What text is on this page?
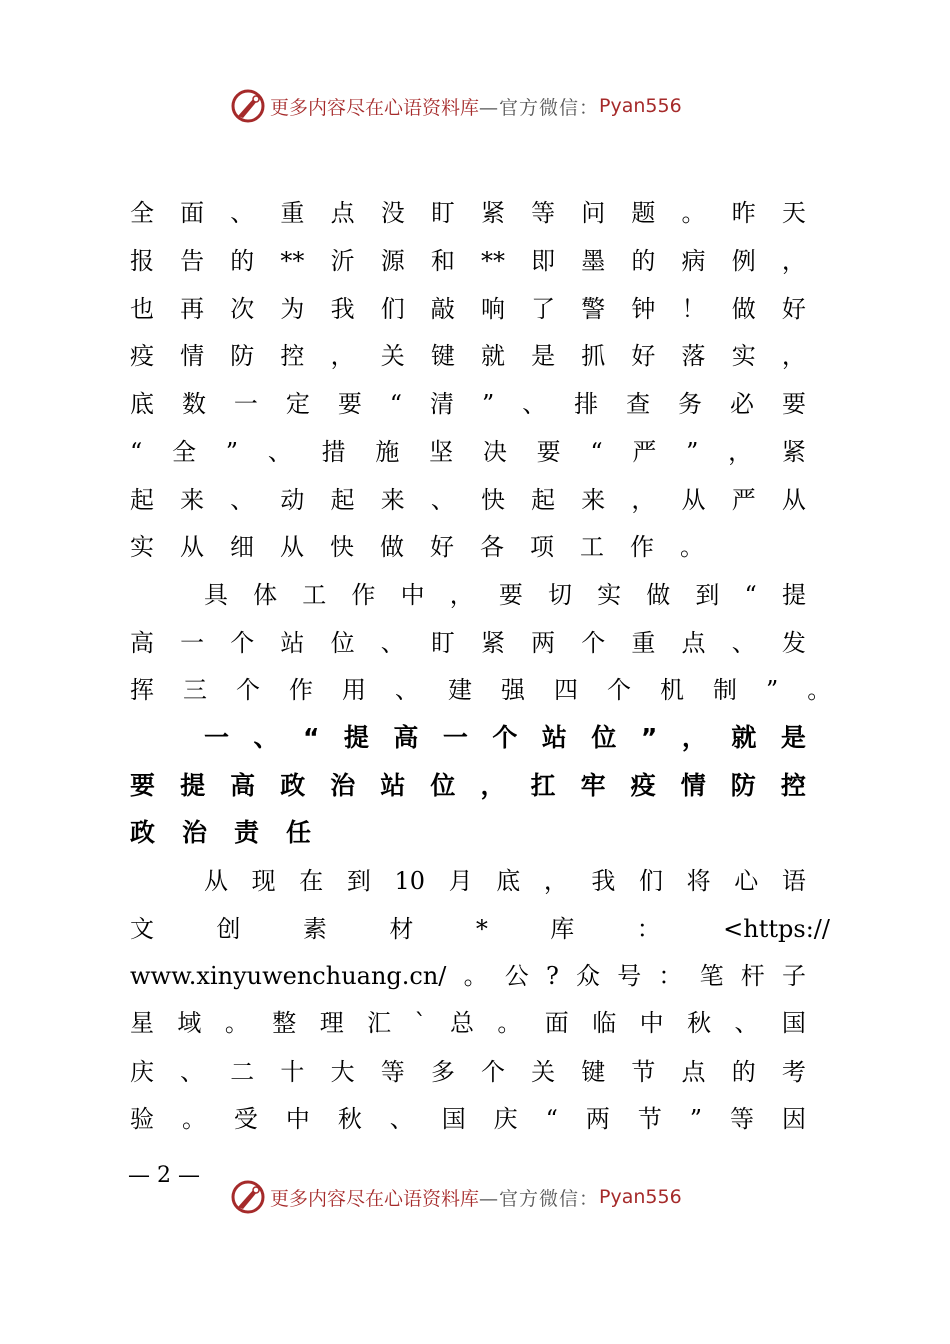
更多内容尽在心语资料库 —官方微信： Pyan556
全 面 、 重 点 没 盯 紧 等 问 题 。 昨 天
报 告 的 ** 沂 源 和 ** 即 墨 的 病 例 ，
也 再 次 为 我 们 敲 响 了 警 钟 ！ 做 好
疫 情 防 控 ， 关 键 就 是 抓 好 落 实 ，
底 数 一 定 要 “ 清 ” 、 排 查 务 必 要
“ 全 ” 、 措 施 坚 决 要 “ 严 ” ， 紧
起 来 、 动 起 来 、 快 起 来 ， 从 严 从
实 从 细 从 快 做 好 各 项 工 作 。
具 体 工 作 中 ， 要 切 实 做 到 “ 提
高 一 个 站 位 、 盯 紧 两 个 重 点 、 发
挥 三 个 作 用 、 建 强 四 个 机 制 ” 。
一 、 “ 提 高 一 个 站 位 ” ， 就 是
要 提 高 政 治 站 位 ， 扛 牢 疫 情 防 控
政 治 责 任
从 现 在 到 10 月 底 ， 我 们 将 心 语
文	创	素	材	*	库	：	<https://
www.xinyuwenchuang.cn/ 。 公 ? 众 号 ： 笔 杆 子
星 域 。 整 理 汇 ` 总 。 面 临 中 秋 、 国
庆 、 二 十 大 等 多 个 关 键 节 点 的 考
验 。 受 中 秋 、 国 庆 “ 两 节 ” 等 因
— 2 —
更多内容尽在心语资料库 —官方微信： Pyan556
